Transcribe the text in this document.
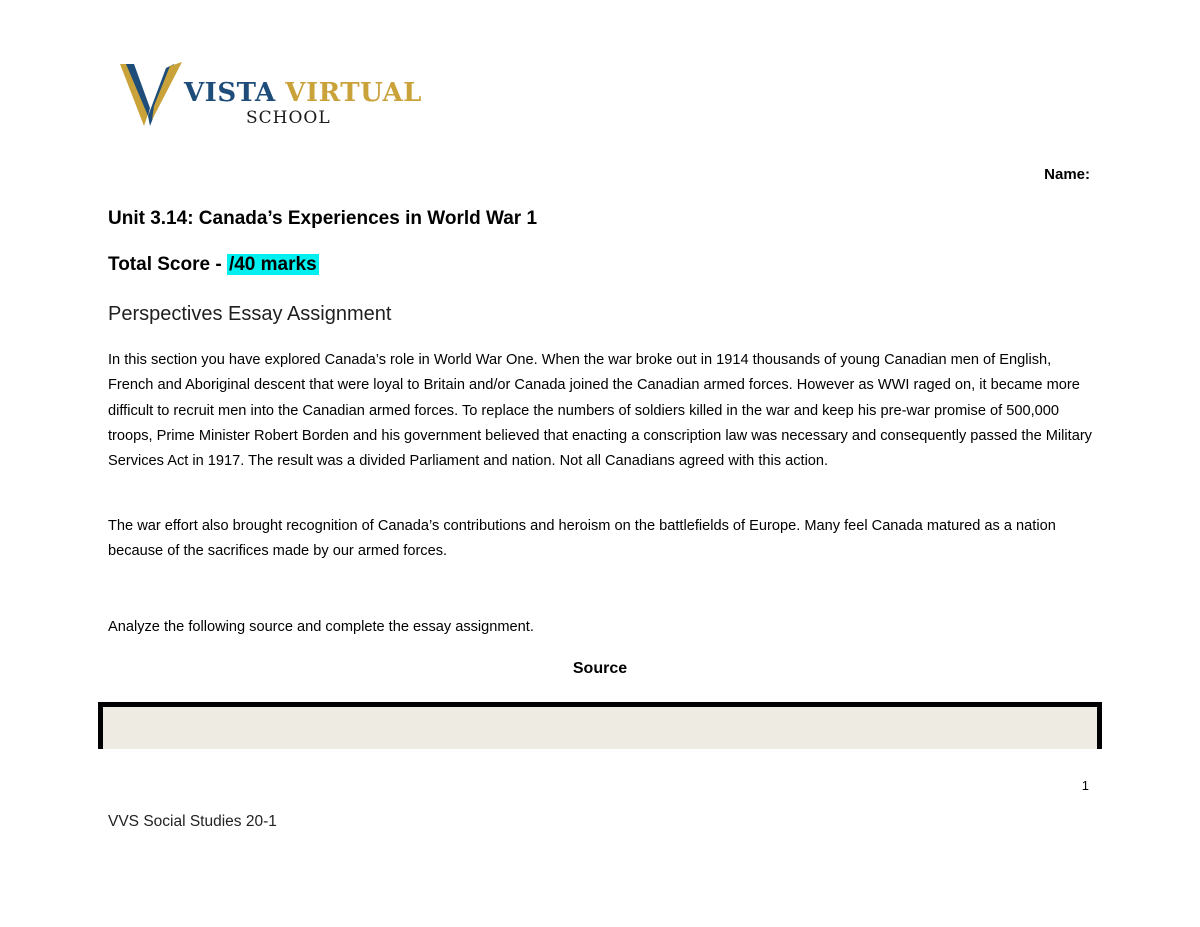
VISTA VIRTUAL
SCHOOL
Name:
Unit 3.14: Canada’s Experiences in World War 1
Total Score - /40 marks
Perspectives Essay Assignment
In this section you have explored Canada’s role in World War One. When the war broke out in 1914 thousands of young Canadian men of English, French and Aboriginal descent that were loyal to Britain and/or Canada joined the Canadian armed forces. However as WWI raged on, it became more difficult to recruit men into the Canadian armed forces. To replace the numbers of soldiers killed in the war and keep his pre-war promise of 500,000 troops, Prime Minister Robert Borden and his government believed that enacting a conscription law was necessary and consequently passed the Military Services Act in 1917. The result was a divided Parliament and nation. Not all Canadians agreed with this action.
The war effort also brought recognition of Canada’s contributions and heroism on the battlefields of Europe. Many feel Canada matured as a nation because of the sacrifices made by our armed forces.
Analyze the following source and complete the essay assignment.
Source
1
VVS Social Studies 20-1
